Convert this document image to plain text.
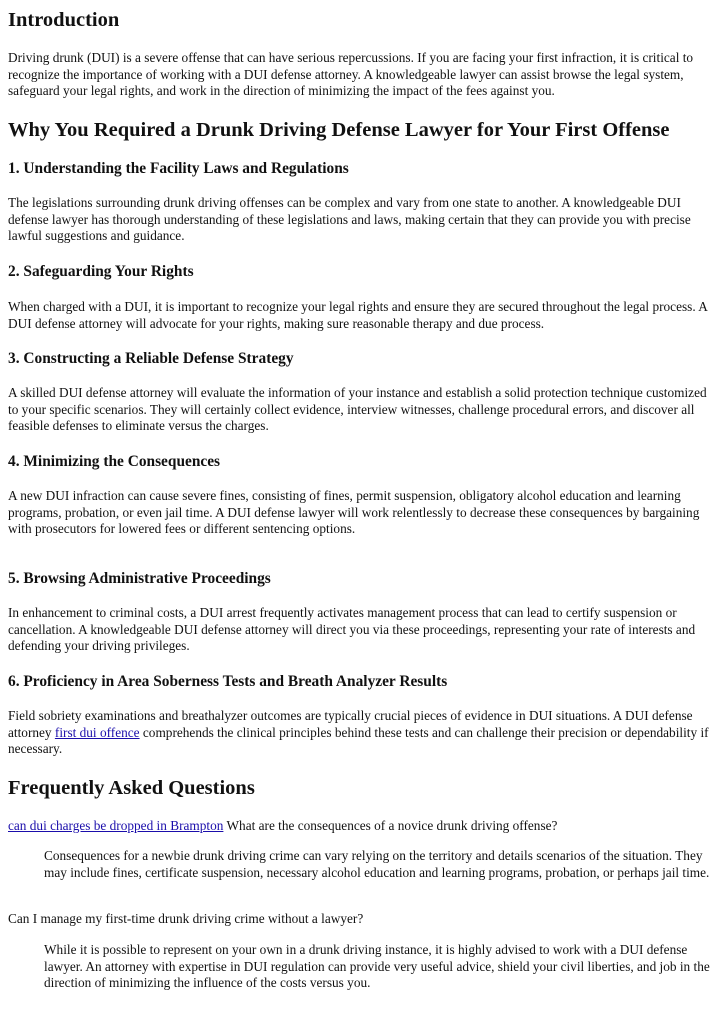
Introduction

Driving drunk (DUI) is a severe offense that can have serious repercussions. If you are facing your first infraction, it is critical to recognize the importance of working with a DUI defense attorney. A knowledgeable lawyer can assist browse the legal system, safeguard your legal rights, and work in the direction of minimizing the impact of the fees against you.

Why You Required a Drunk Driving Defense Lawyer for Your First Offense
1. Understanding the Facility Laws and Regulations

The legislations surrounding drunk driving offenses can be complex and vary from one state to another. A knowledgeable DUI defense lawyer has thorough understanding of these legislations and laws, making certain that they can provide you with precise lawful suggestions and guidance.

2. Safeguarding Your Rights

When charged with a DUI, it is important to recognize your legal rights and ensure they are secured throughout the legal process. A DUI defense attorney will advocate for your rights, making sure reasonable therapy and due process.

3. Constructing a Reliable Defense Strategy

A skilled DUI defense attorney will evaluate the information of your instance and establish a solid protection technique customized to your specific scenarios. They will certainly collect evidence, interview witnesses, challenge procedural errors, and discover all feasible defenses to eliminate versus the charges.

4. Minimizing the Consequences

A new DUI infraction can cause severe fines, consisting of fines, permit suspension, obligatory alcohol education and learning programs, probation, or even jail time. A DUI defense lawyer will work relentlessly to decrease these consequences by bargaining with prosecutors for lowered fees or different sentencing options.

5. Browsing Administrative Proceedings

In enhancement to criminal costs, a DUI arrest frequently activates management process that can lead to certify suspension or cancellation. A knowledgeable DUI defense attorney will direct you via these proceedings, representing your rate of interests and defending your driving privileges.

6. Proficiency in Area Soberness Tests and Breath Analyzer Results

Field sobriety examinations and breathalyzer outcomes are typically crucial pieces of evidence in DUI situations. A DUI defense attorney first dui offence comprehends the clinical principles behind these tests and can challenge their precision or dependability if necessary.

Frequently Asked Questions

can dui charges be dropped in Brampton What are the consequences of a novice drunk driving offense?

Consequences for a newbie drunk driving crime can vary relying on the territory and details scenarios of the situation. They may include fines, certificate suspension, necessary alcohol education and learning programs, probation, or perhaps jail time.

Can I manage my first-time drunk driving crime without a lawyer?

While it is possible to represent on your own in a drunk driving instance, it is highly advised to work with a DUI defense lawyer. An attorney with expertise in DUI regulation can provide very useful advice, shield your civil liberties, and job in the direction of minimizing the influence of the costs versus you.
